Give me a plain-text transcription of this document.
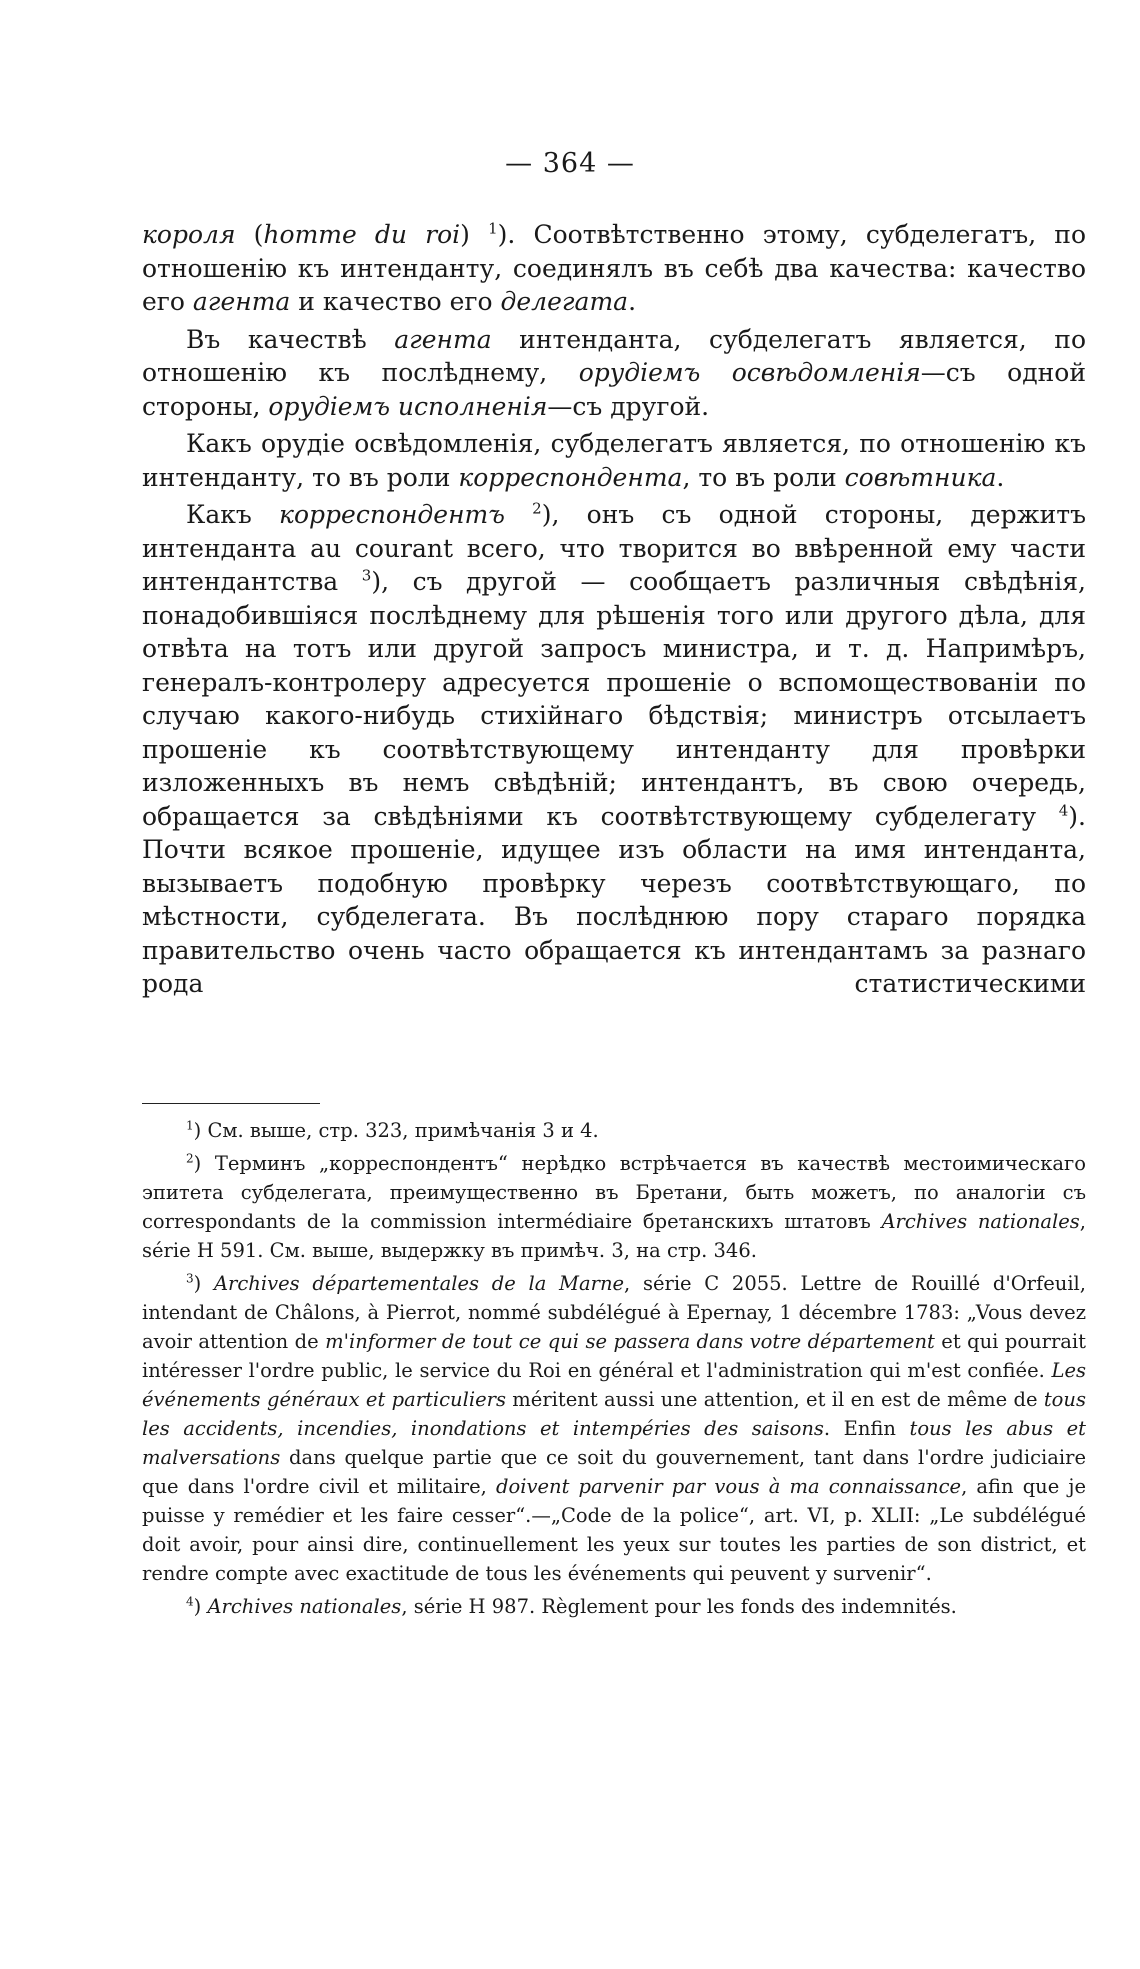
— 364 —

короля (homme du roi) $^1$). Соотвѣтственно этому, субделегатъ, по отношенію къ интенданту, соединялъ въ себѣ два качества: качество его агента и качество его делегата.

Въ качествѣ агента интенданта, субделегатъ является, по отношенію къ послѣднему, орудіемъ освѣдомленія—съ одной стороны, орудіемъ исполненія—съ другой.

Какъ орудіе освѣдомленія, субделегатъ является, по отношенію къ интенданту, то въ роли корреспондента, то въ роли совѣтника.

Какъ корреспондентъ $^2$), онъ съ одной стороны, держитъ интенданта au courant всего, что творится во ввѣренной ему части интендантства $^3$), съ другой — сообщаетъ различныя свѣдѣнія, понадобившіяся послѣднему для рѣшенія того или другого дѣла, для отвѣта на тотъ или другой запросъ министра, и т. д. Напримѣръ, генералъ-контролеру адресуется прошеніе о вспомоществованіи по случаю какого-нибудь стихійнаго бѣдствія; министръ отсылаетъ прошеніе къ соотвѣтствующему интенданту для провѣрки изложенныхъ въ немъ свѣдѣній; интендантъ, въ свою очередь, обращается за свѣдѣніями къ соотвѣтствующему субделегату $^4$). Почти всякое прошеніе, идущее изъ области на имя интенданта, вызываетъ подобную провѣрку черезъ соотвѣтствующаго, по мѣстности, субделегата. Въ послѣднюю пору стараго порядка правительство очень часто обращается къ интендантамъ за разнаго рода статистическими

$^1$) См. выше, стр. 323, примѣчанія 3 и 4.

$^2$) Терминъ „корреспондентъ“ нерѣдко встрѣчается въ качествѣ местоимическаго эпитета субделегата, преимущественно въ Бретани, быть можетъ, по аналогіи съ correspondants de la commission intermédiaire бретанскихъ штатовъ Archives nationales, série H 591. См. выше, выдержку въ примѣч. 3, на стр. 346.

$^3$) Archives départementales de la Marne, série C 2055. Lettre de Rouillé d'Orfeuil, intendant de Châlons, à Pierrot, nommé subdélégué à Epernay, 1 décembre 1783: „Vous devez avoir attention de m'informer de tout ce qui se passera dans votre département et qui pourrait intéresser l'ordre public, le service du Roi en général et l'administration qui m'est confiée. Les événements généraux et particuliers méritent aussi une attention, et il en est de même de tous les accidents, incendies, inondations et intempéries des saisons. Enfin tous les abus et malversations dans quelque partie que ce soit du gouvernement, tant dans l'ordre judiciaire que dans l'ordre civil et militaire, doivent parvenir par vous à ma connaissance, afin que je puisse y remédier et les faire cesser“.—„Code de la police“, art. VI, p. XLII: „Le subdélégué doit avoir, pour ainsi dire, continuellement les yeux sur toutes les parties de son district, et rendre compte avec exactitude de tous les événements qui peuvent y survenir“.

$^4$) Archives nationales, série H 987. Règlement pour les fonds des indemnités.
